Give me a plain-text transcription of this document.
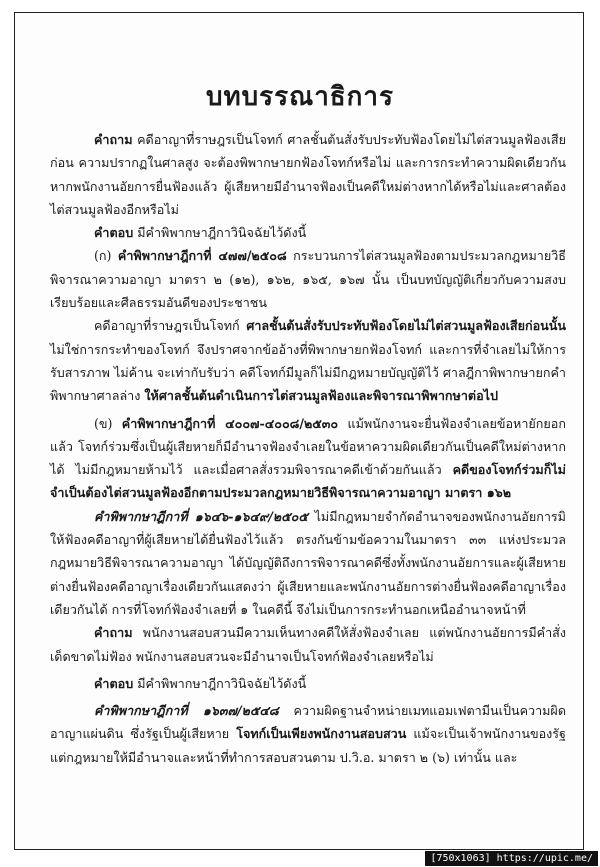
บทบรรณาธิการ

คำถาม คดีอาญาที่ราษฎรเป็นโจทก์ ศาลชั้นต้นสั่งรับประทับฟ้องโดยไม่ไต่สวนมูลฟ้องเสียก่อน ความปรากฏในศาลสูง จะต้องพิพากษายกฟ้องโจทก์หรือไม่ และการกระทำความผิดเดียวกันหากพนักงานอัยการยื่นฟ้องแล้ว ผู้เสียหายมีอำนาจฟ้องเป็นคดีใหม่ต่างหากได้หรือไม่และศาลต้องไต่สวนมูลฟ้องอีกหรือไม่

คำตอบ มีคำพิพากษาฎีกาวินิจฉัยไว้ดังนี้

(ก) คำพิพากษาฎีกาที่ ๔๗๗/๒๕๐๘ กระบวนการไต่สวนมูลฟ้องตามประมวลกฎหมายวิธีพิจารณาความอาญา มาตรา ๒ (๑๒), ๑๖๒, ๑๖๕, ๑๖๗ นั้น เป็นบทบัญญัติเกี่ยวกับความสงบเรียบร้อยและศีลธรรมอันดีของประชาชน

คดีอาญาที่ราษฎรเป็นโจทก์ ศาลชั้นต้นสั่งรับประทับฟ้องโดยไม่ไต่สวนมูลฟ้องเสียก่อนนั้น ไม่ใช่การกระทำของโจทก์ จึงปราศจากข้ออ้างที่พิพากษายกฟ้องโจทก์ และการที่จำเลยไม่ให้การรับสารภาพ ไม่ค้าน จะเท่ากับรับว่า คดีโจทก์มีมูลก็ไม่มีกฎหมายบัญญัติไว้ ศาลฎีกาพิพากษายกคำพิพากษาศาลล่าง ให้ศาลชั้นต้นดำเนินการไต่สวนมูลฟ้องและพิจารณาพิพากษาต่อไป

(ข) คำพิพากษาฎีกาที่ ๔๐๐๗-๔๐๐๘/๒๕๓๐ แม้พนักงานจะยื่นฟ้องจำเลยข้อหายักยอกแล้ว โจทก์ร่วมซึ่งเป็นผู้เสียหายก็มีอำนาจฟ้องจำเลยในข้อหาความผิดเดียวกันเป็นคดีใหม่ต่างหากได้ ไม่มีกฎหมายห้ามไว้ และเมื่อศาลสั่งรวมพิจารณาคดีเข้าด้วยกันแล้ว คดีของโจทก์ร่วมก็ไม่จำเป็นต้องไต่สวนมูลฟ้องอีกตามประมวลกฎหมายวิธีพิจารณาความอาญา มาตรา ๑๖๒

คำพิพากษาฎีกาที่ ๑๖๔๖-๑๖๔๙/๒๕๐๕ ไม่มีกฎหมายจำกัดอำนาจของพนักงานอัยการมิให้ฟ้องคดีอาญาที่ผู้เสียหายได้ยื่นฟ้องไว้แล้ว ตรงกันข้ามข้อความในมาตรา ๓๓ แห่งประมวลกฎหมายวิธีพิจารณาความอาญา ได้บัญญัติถึงการพิจารณาคดีซึ่งทั้งพนักงานอัยการและผู้เสียหายต่างยื่นฟ้องคดีอาญาเรื่องเดียวกันแสดงว่า ผู้เสียหายและพนักงานอัยการต่างยื่นฟ้องคดีอาญาเรื่องเดียวกันได้ การที่โจทก์ฟ้องจำเลยที่ ๑ ในคดีนี้ จึงไม่เป็นการกระทำนอกเหนืออำนาจหน้าที่

คำถาม พนักงานสอบสวนมีความเห็นทางคดีให้สั่งฟ้องจำเลย แต่พนักงานอัยการมีคำสั่งเด็ดขาดไม่ฟ้อง พนักงานสอบสวนจะมีอำนาจเป็นโจทก์ฟ้องจำเลยหรือไม่

คำตอบ มีคำพิพากษาฎีกาวินิจฉัยไว้ดังนี้

คำพิพากษาฎีกาที่ ๑๖๓๗/๒๕๔๘ ความผิดฐานจำหน่ายเมทแอมเฟตามีนเป็นความผิดอาญาแผ่นดิน ซึ่งรัฐเป็นผู้เสียหาย โจทก์เป็นเพียงพนักงานสอบสวน แม้จะเป็นเจ้าพนักงานของรัฐ แต่กฎหมายให้มีอำนาจและหน้าที่ทำการสอบสวนตาม ป.วิ.อ. มาตรา ๒ (๖) เท่านั้น และ

[750x1063] https://upic.me/
